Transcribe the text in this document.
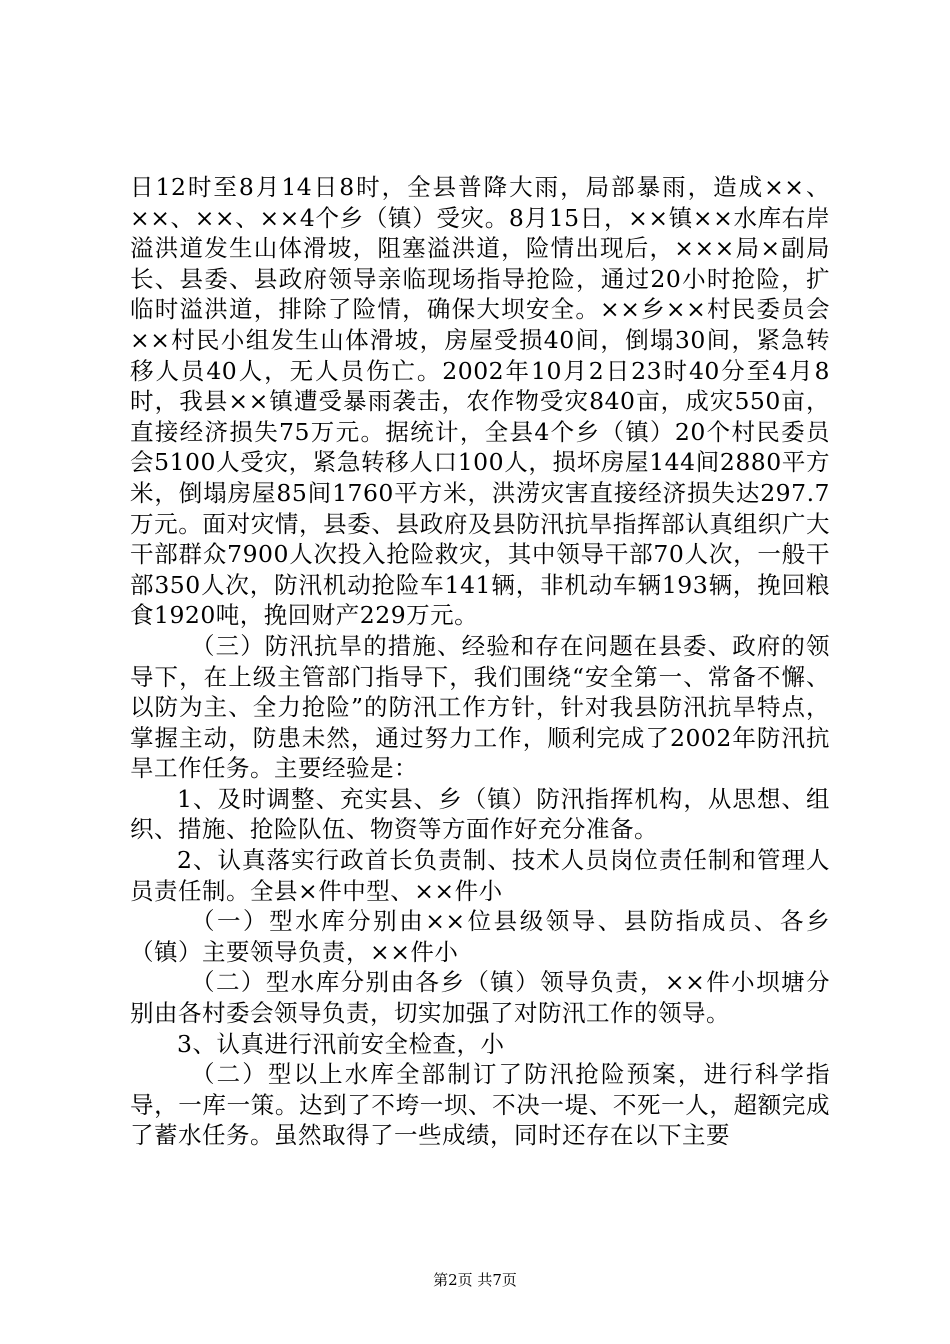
日12时至8月14日8时，全县普降大雨，局部暴雨，造成××、××、××、××4个乡（镇）受灾。8月15日，××镇××水库右岸溢洪道发生山体滑坡，阻塞溢洪道，险情出现后，×××局×副局长、县委、县政府领导亲临现场指导抢险，通过20小时抢险，扩临时溢洪道，排除了险情，确保大坝安全。××乡××村民委员会××村民小组发生山体滑坡，房屋受损40间，倒塌30间，紧急转移人员40人，无人员伤亡。2002年10月2日23时40分至4月8时，我县××镇遭受暴雨袭击，农作物受灾840亩，成灾550亩，直接经济损失75万元。据统计，全县4个乡（镇）20个村民委员会5100人受灾，紧急转移人口100人，损坏房屋144间2880平方米，倒塌房屋85间1760平方米，洪涝灾害直接经济损失达297.7万元。面对灾情，县委、县政府及县防汛抗旱指挥部认真组织广大干部群众7900人次投入抢险救灾，其中领导干部70人次，一般干部350人次，防汛机动抢险车141辆，非机动车辆193辆，挽回粮食1920吨，挽回财产229万元。

（三）防汛抗旱的措施、经验和存在问题在县委、政府的领导下，在上级主管部门指导下，我们围绕“安全第一、常备不懈、以防为主、全力抢险”的防汛工作方针，针对我县防汛抗旱特点，掌握主动，防患未然，通过努力工作，顺利完成了2002年防汛抗旱工作任务。主要经验是：

1、及时调整、充实县、乡（镇）防汛指挥机构，从思想、组织、措施、抢险队伍、物资等方面作好充分准备。

2、认真落实行政首长负责制、技术人员岗位责任制和管理人员责任制。全县×件中型、××件小

（一）型水库分别由××位县级领导、县防指成员、各乡（镇）主要领导负责，××件小

（二）型水库分别由各乡（镇）领导负责，××件小坝塘分别由各村委会领导负责，切实加强了对防汛工作的领导。

3、认真进行汛前安全检查，小

（二）型以上水库全部制订了防汛抢险预案，进行科学指导，一库一策。达到了不垮一坝、不决一堤、不死一人，超额完成了蓄水任务。虽然取得了一些成绩，同时还存在以下主要

第2页 共7页
